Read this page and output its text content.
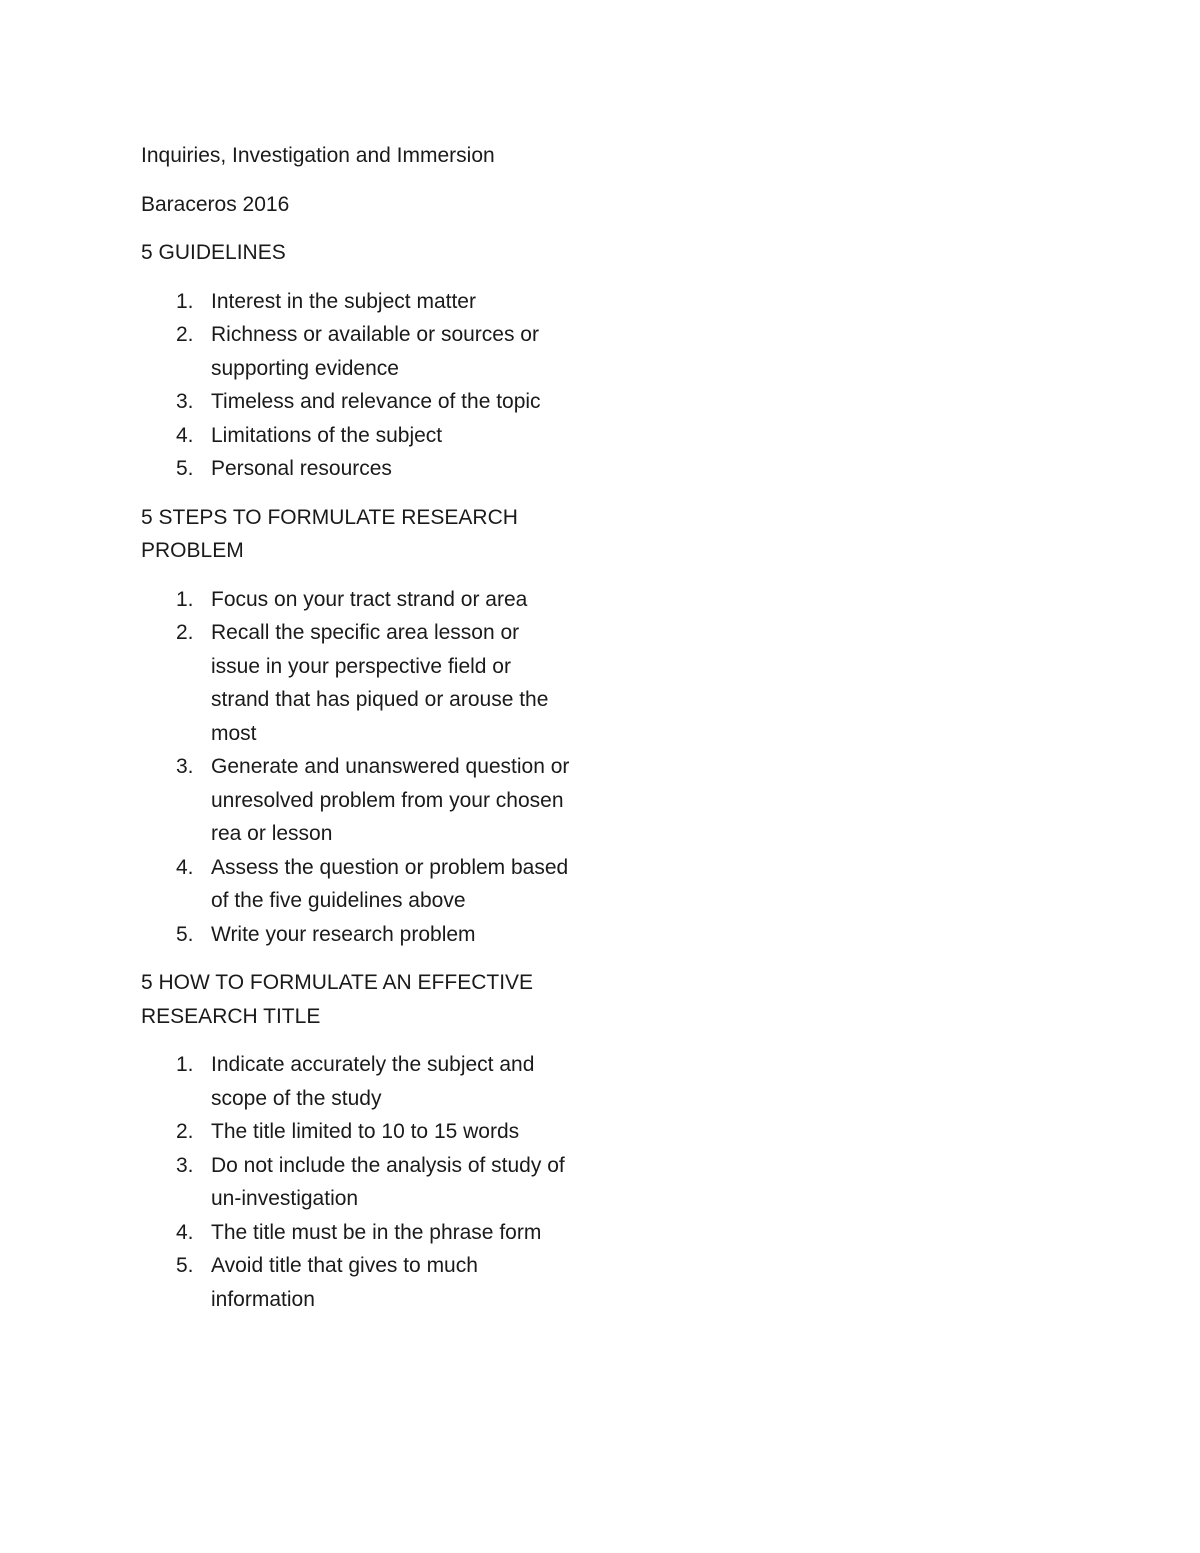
Inquiries, Investigation and Immersion

Baraceros 2016

5 GUIDELINES

1. Interest in the subject matter
2. Richness or available or sources or supporting evidence
3. Timeless and relevance of the topic
4. Limitations of the subject
5. Personal resources

5 STEPS TO FORMULATE RESEARCH PROBLEM

1. Focus on your tract strand or area
2. Recall the specific area lesson or issue in your perspective field or strand that has piqued or arouse the most
3. Generate and unanswered question or unresolved problem from your chosen rea or lesson
4. Assess the question or problem based of the five guidelines above
5. Write your research problem

5 HOW TO FORMULATE AN EFFECTIVE RESEARCH TITLE

1. Indicate accurately the subject and scope of the study
2. The title limited to 10 to 15 words
3. Do not include the analysis of study of un-investigation
4. The title must be in the phrase form
5. Avoid title that gives to much information
